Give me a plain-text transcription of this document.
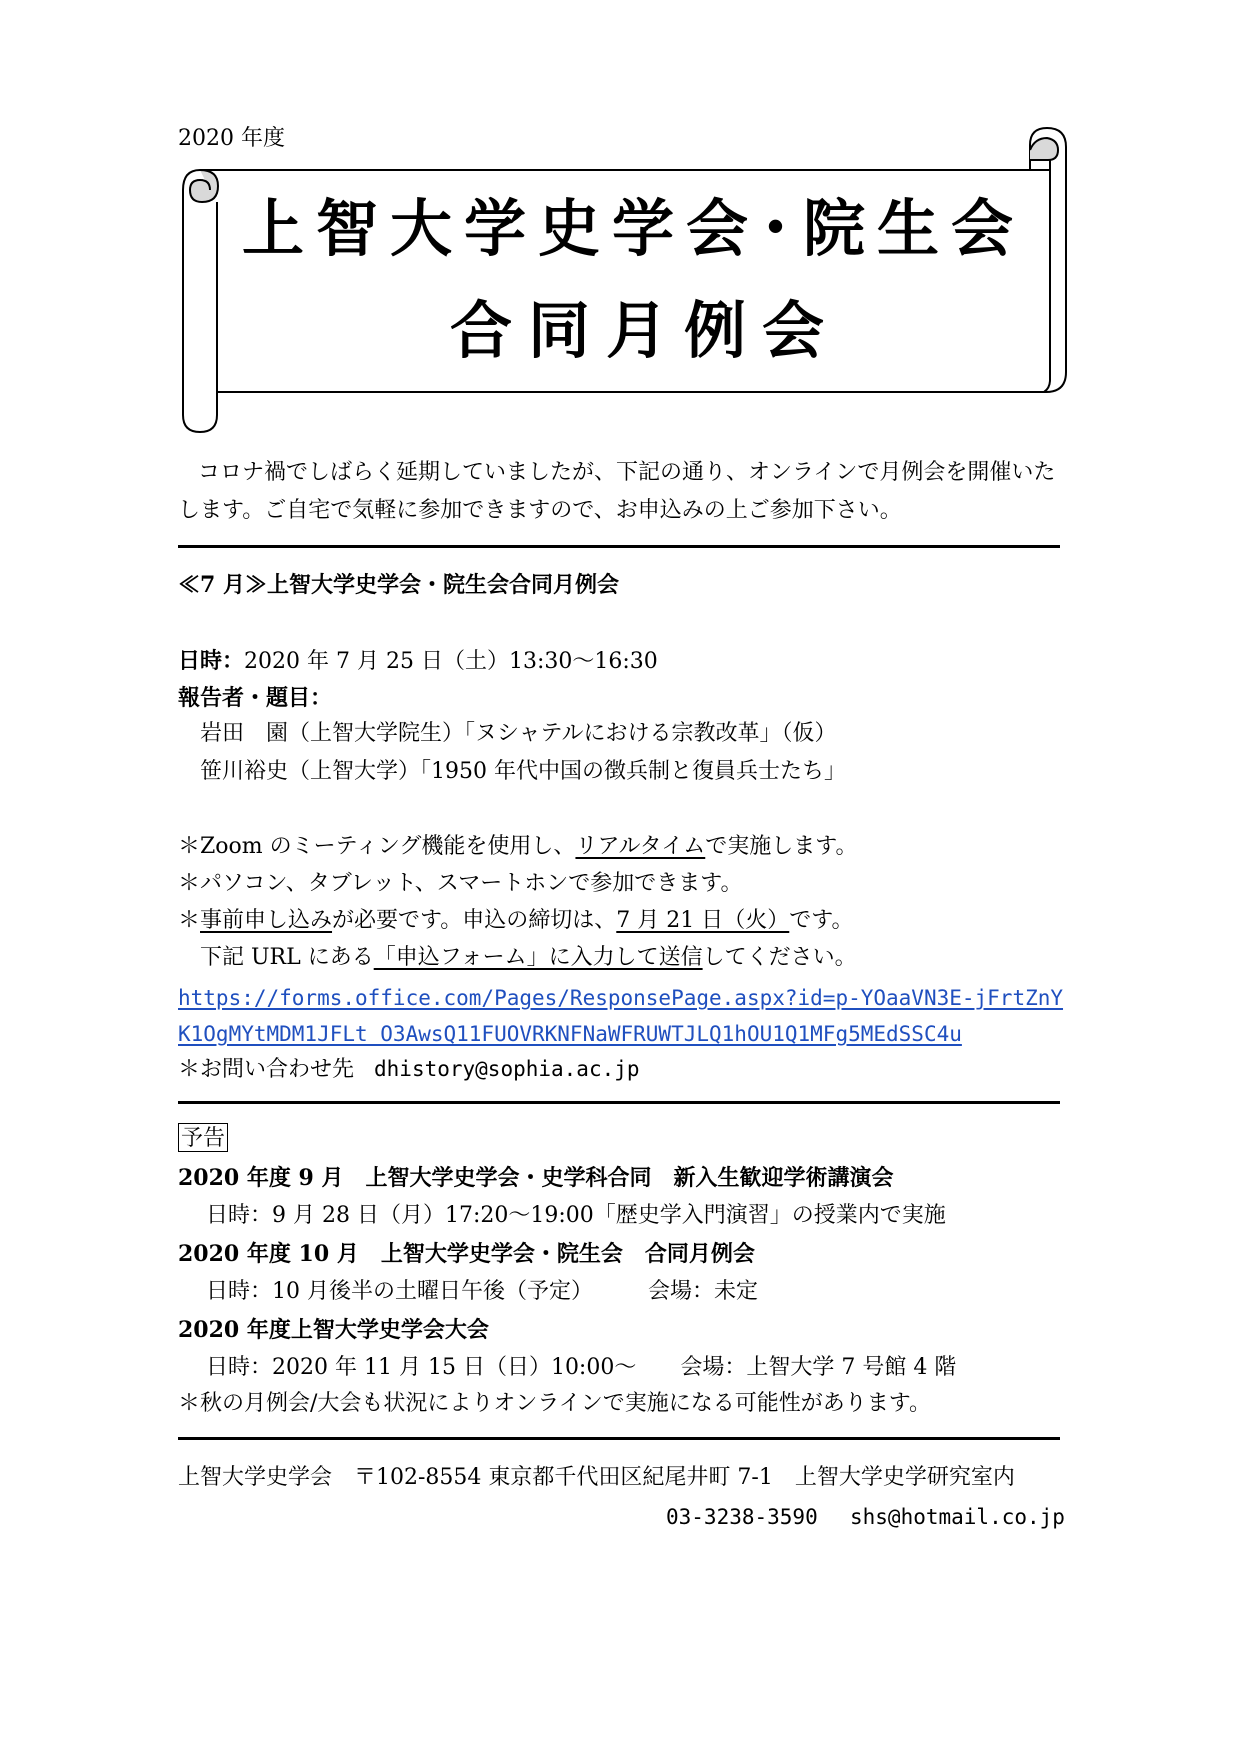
2020 年度
上智大学史学会･院生会
合同月例会
コロナ禍でしばらく延期していましたが、下記の通り、オンラインで月例会を開催いた
します。ご自宅で気軽に参加できますので、お申込みの上ご参加下さい。
≪7 月≫上智大学史学会・院生会合同月例会
日時：2020 年 7 月 25 日（土）13:30〜16:30
報告者・題目：
岩田　園（上智大学院生）「ヌシャテルにおける宗教改革」（仮）
笹川裕史（上智大学）「1950 年代中国の徴兵制と復員兵士たち」
＊Zoom のミーティング機能を使用し、リアルタイムで実施します。
＊パソコン、タブレット、スマートホンで参加できます。
＊事前申し込みが必要です。申込の締切は、7 月 21 日（火）です。
　下記 URL にある「申込フォーム」に入力して送信してください。
https://forms.office.com/Pages/ResponsePage.aspx?id=p-YOaaVN3E-jFrtZnY
K1OgMYtMDM1JFLt_O3AwsQ11FUOVRKNFNaWFRUWTJLQ1hOU1Q1MFg5MEdSSC4u
＊お問い合わせ先 dhistory@sophia.ac.jp
予告
2020 年度 9 月　上智大学史学会・史学科合同　新入生歓迎学術講演会
日時：9 月 28 日（月）17:20〜19:00「歴史学入門演習」の授業内で実施
2020 年度 10 月　上智大学史学会・院生会　合同月例会
日時：10 月後半の土曜日午後（予定）　　　会場：未定
2020 年度上智大学史学会大会
日時：2020 年 11 月 15 日（日）10:00〜　　会場：上智大学 7 号館 4 階
＊秋の月例会/大会も状況によりオンラインで実施になる可能性があります。
上智大学史学会　〒102-8554 東京都千代田区紀尾井町 7-1　上智大学史学研究室内
03-3238-3590 shs@hotmail.co.jp
